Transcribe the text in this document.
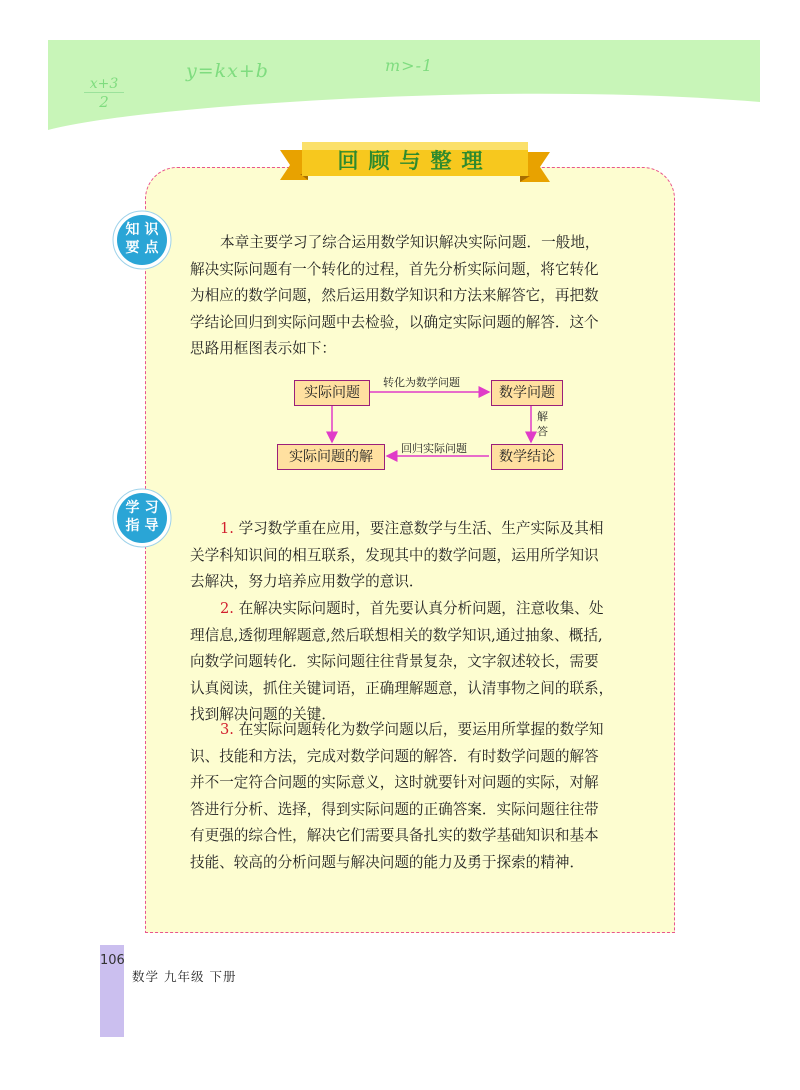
$\frac{x+3}{2}$
y=kx+b	m>-1
回顾与整理
知识
要点	本章主要学习了综合运用数学知识解决实际问题．一般地，
解决实际问题有一个转化的过程，首先分析实际问题，将它转化
为相应的数学问题，然后运用数学知识和方法来解答它，再把数
学结论回归到实际问题中去检验，以确定实际问题的解答．这个
思路用框图表示如下：
实际问题	数学问题
数学结论
实际问题的解
转化为数学问题
解
答
回归实际问题
学习
指导	1. 学习数学重在应用，要注意数学与生活、生产实际及其相
关学科知识间的相互联系，发现其中的数学问题，运用所学知识
去解决，努力培养应用数学的意识．
2. 在解决实际问题时，首先要认真分析问题，注意收集、处
理信息,透彻理解题意,然后联想相关的数学知识,通过抽象、概括,
向数学问题转化．实际问题往往背景复杂，文字叙述较长，需要
认真阅读，抓住关键词语，正确理解题意，认清事物之间的联系，
找到解决问题的关键．
3. 在实际问题转化为数学问题以后，要运用所掌握的数学知
识、技能和方法，完成对数学问题的解答．有时数学问题的解答
并不一定符合问题的实际意义，这时就要针对问题的实际，对解
答进行分析、选择，得到实际问题的正确答案．实际问题往往带
有更强的综合性，解决它们需要具备扎实的数学基础知识和基本
技能、较高的分析问题与解决问题的能力及勇于探索的精神．
106
数学 九年级 下册
